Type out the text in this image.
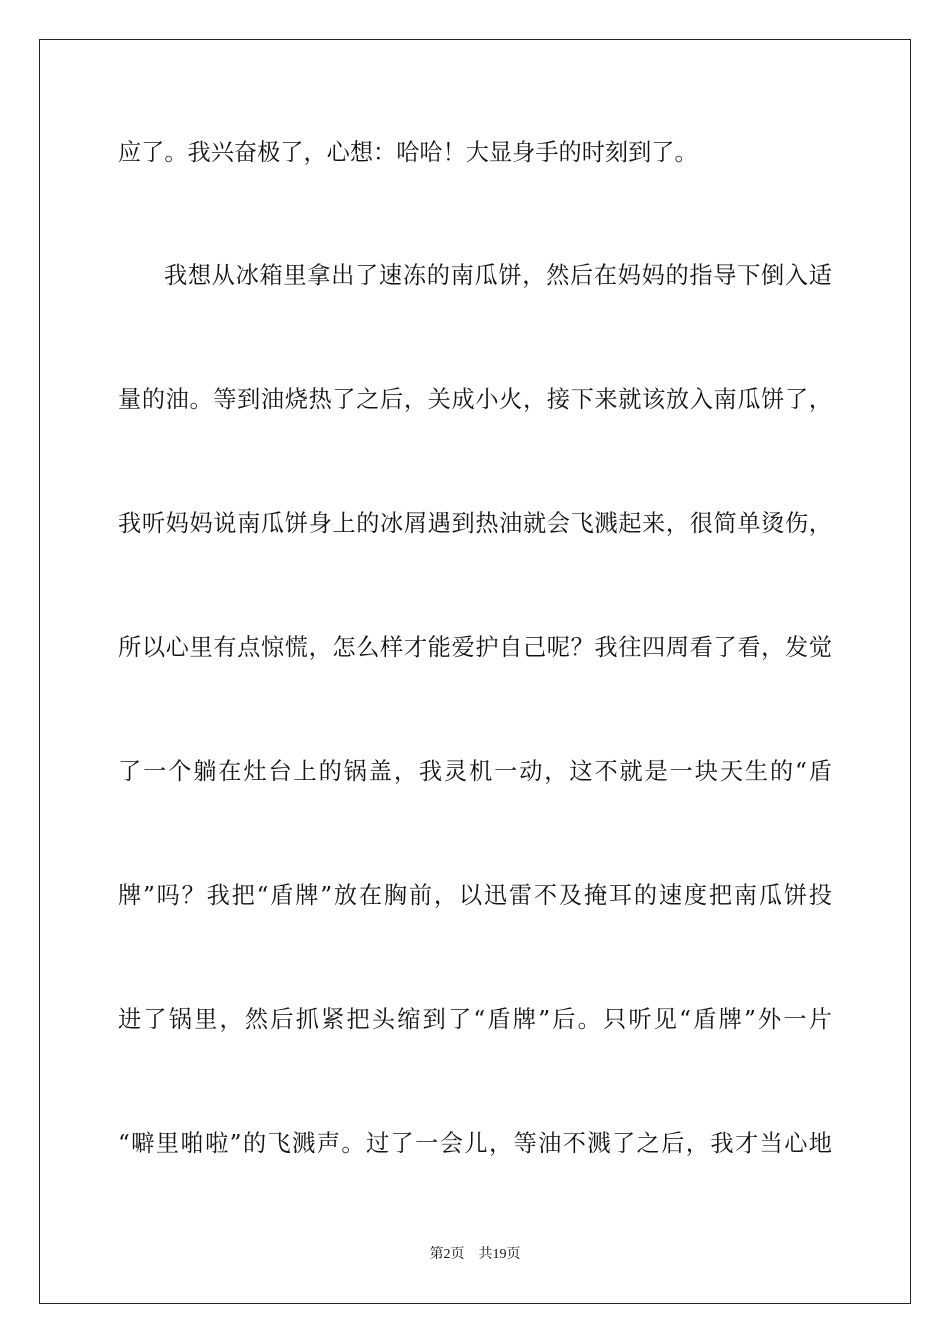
应了。我兴奋极了，心想：哈哈！大显身手的时刻到了。
我想从冰箱里拿出了速冻的南瓜饼，然后在妈妈的指导下倒入适
量的油。等到油烧热了之后，关成小火，接下来就该放入南瓜饼了，
我听妈妈说南瓜饼身上的冰屑遇到热油就会飞溅起来，很简单烫伤，
所以心里有点惊慌，怎么样才能爱护自己呢？我往四周看了看，发觉
了一个躺在灶台上的锅盖，我灵机一动，这不就是一块天生的“盾
牌”吗？我把“盾牌”放在胸前，以迅雷不及掩耳的速度把南瓜饼投
进了锅里，然后抓紧把头缩到了“盾牌”后。只听见“盾牌”外一片
“噼里啪啦”的飞溅声。过了一会儿，等油不溅了之后，我才当心地
第2页 共19页
